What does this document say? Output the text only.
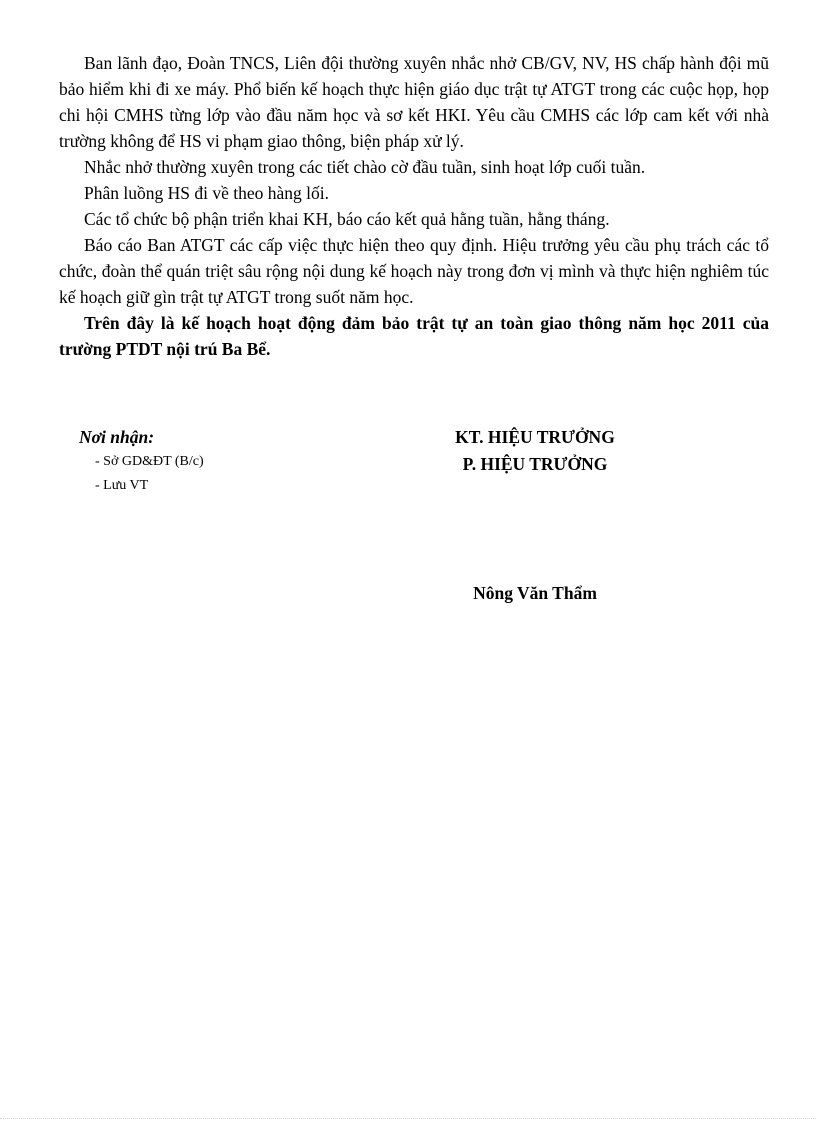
Ban lãnh đạo, Đoàn TNCS, Liên đội thường xuyên nhắc nhở CB/GV, NV, HS chấp hành đội mũ bảo hiểm khi đi xe máy. Phổ biến kế hoạch thực hiện giáo dục trật tự ATGT trong các cuộc họp, họp chi hội CMHS từng lớp vào đầu năm học và sơ kết HKI. Yêu cầu CMHS các lớp cam kết với nhà trường không để HS vi phạm giao thông, biện pháp xử lý.

Nhắc nhở thường xuyên trong các tiết chào cờ đầu tuần, sinh hoạt lớp cuối tuần.

Phân luồng HS đi về theo hàng lối.

Các tổ chức bộ phận triển khai KH, báo cáo kết quả hằng tuần, hằng tháng.

Báo cáo Ban ATGT các cấp việc thực hiện theo quy định. Hiệu trưởng yêu cầu phụ trách các tổ chức, đoàn thể quán triệt sâu rộng nội dung kế hoạch này trong đơn vị mình và thực hiện nghiêm túc kế hoạch giữ gìn trật tự ATGT trong suốt năm học.

Trên đây là kế hoạch hoạt động đảm bảo trật tự an toàn giao thông năm học 2011 của trường PTDT nội trú Ba Bể.

Nơi nhận:
- Sở GD&ĐT (B/c)
- Lưu VT
KT. HIỆU TRƯỞNG
P. HIỆU TRƯỞNG
Nông Văn Thẩm
